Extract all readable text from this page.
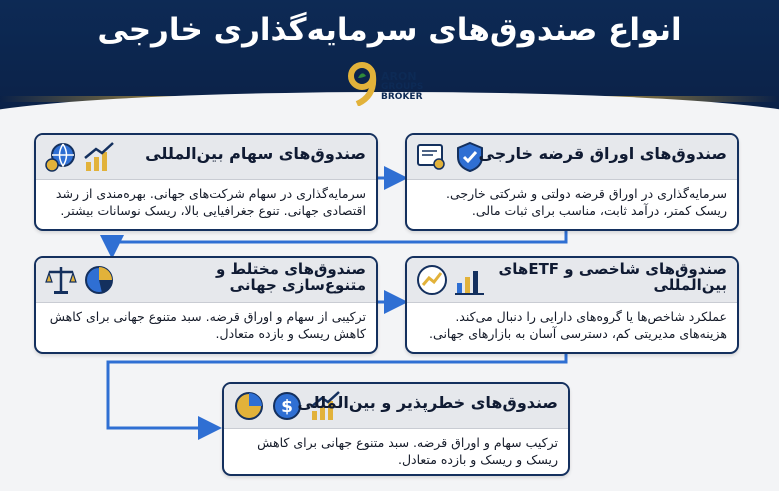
انواع صندوق‌های سرمایه‌گذاری خارجی
ARON
GROUPS
BROKER
صندوق‌های اوراق قرضه خارجی
سرمایه‌گذاری در اوراق قرضه دولتی و شرکتی خارجی. ریسک کمتر، درآمد ثابت، مناسب برای ثبات مالی.
صندوق‌های سهام بین‌المللی
سرمایه‌گذاری در سهام شرکت‌های جهانی. بهره‌مندی از رشد اقتصادی جهانی. تنوع جغرافیایی بالا، ریسک نوسانات بیشتر.
صندوق‌های شاخصی و ETFهای بین‌المللی
عملکرد شاخص‌ها یا گروه‌های دارایی را دنبال می‌کند. هزینه‌های مدیریتی کم، دسترسی آسان به بازارهای جهانی.
صندوق‌های مختلط و متنوع‌سازی جهانی
ترکیبی از سهام و اوراق قرضه. سبد متنوع جهانی برای کاهش کاهش ریسک و بازده متعادل.
$ صندوق‌های خطرپذیر و بین‌المللی
ترکیب سهام و اوراق قرضه. سبد متنوع جهانی برای کاهش ریسک و ریسک و بازده متعادل.
